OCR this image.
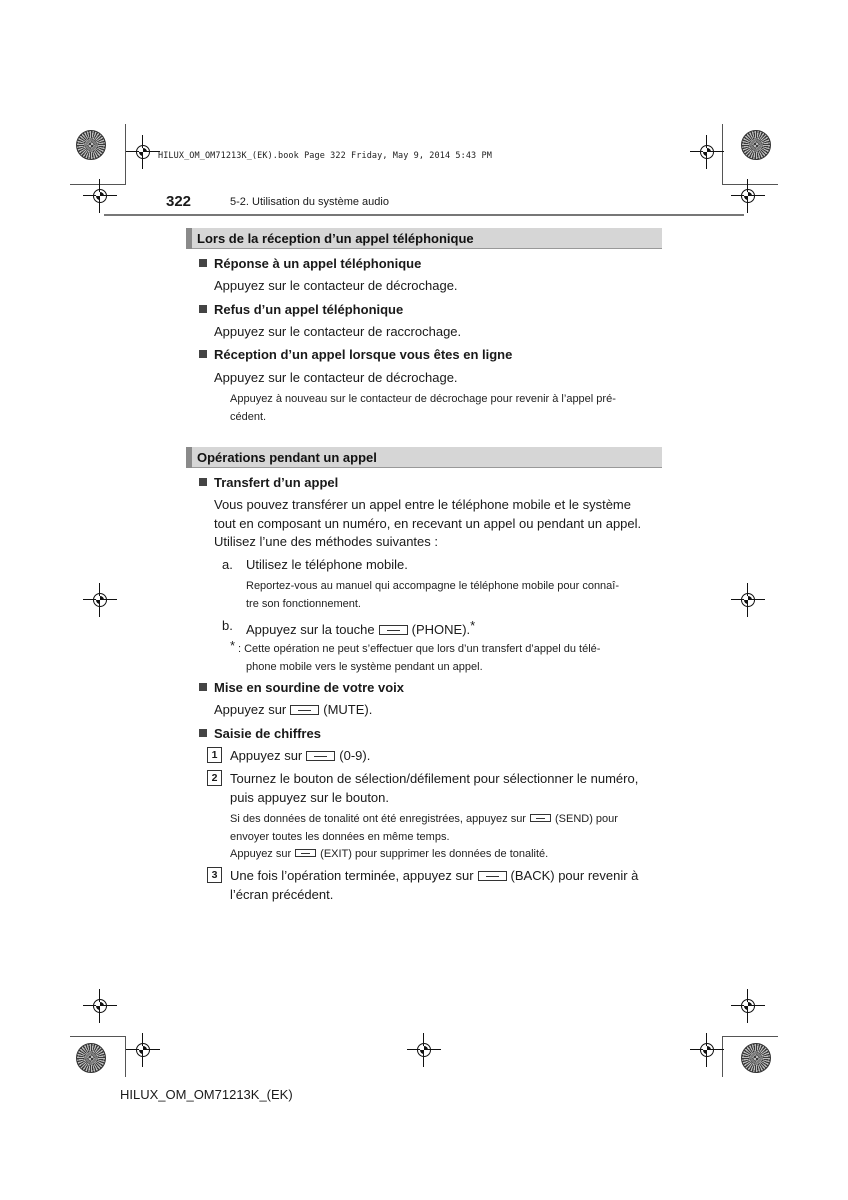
HILUX_OM_OM71213K_(EK).book Page 322 Friday, May 9, 2014 5:43 PM
322	5-2. Utilisation du système audio
Lors de la réception d’un appel téléphonique
Réponse à un appel téléphonique
Appuyez sur le contacteur de décrochage.
Refus d’un appel téléphonique
Appuyez sur le contacteur de raccrochage.
Réception d’un appel lorsque vous êtes en ligne
Appuyez sur le contacteur de décrochage.
Appuyez à nouveau sur le contacteur de décrochage pour revenir à l’appel pré-
cédent.
Opérations pendant un appel
Transfert d’un appel
Vous pouvez transférer un appel entre le téléphone mobile et le système
tout en composant un numéro, en recevant un appel ou pendant un appel.
Utilisez l’une des méthodes suivantes :
a. Utilisez le téléphone mobile.
Reportez-vous au manuel qui accompagne le téléphone mobile pour connaî-
tre son fonctionnement.
b. Appuyez sur la touche	(PHONE).*
* : Cette opération ne peut s’effectuer que lors d’un transfert d’appel du télé-
phone mobile vers le système pendant un appel.
Mise en sourdine de votre voix
Appuyez sur	(MUTE).
Saisie de chiffres
1 Appuyez sur	(0-9).
2 Tournez le bouton de sélection/défilement pour sélectionner le numéro,
puis appuyez sur le bouton.
Si des données de tonalité ont été enregistrées, appuyez sur	(SEND) pour
envoyer toutes les données en même temps.
Appuyez sur	(EXIT) pour supprimer les données de tonalité.
3 Une fois l’opération terminée, appuyez sur	(BACK) pour revenir à
l’écran précédent.
HILUX_OM_OM71213K_(EK)
